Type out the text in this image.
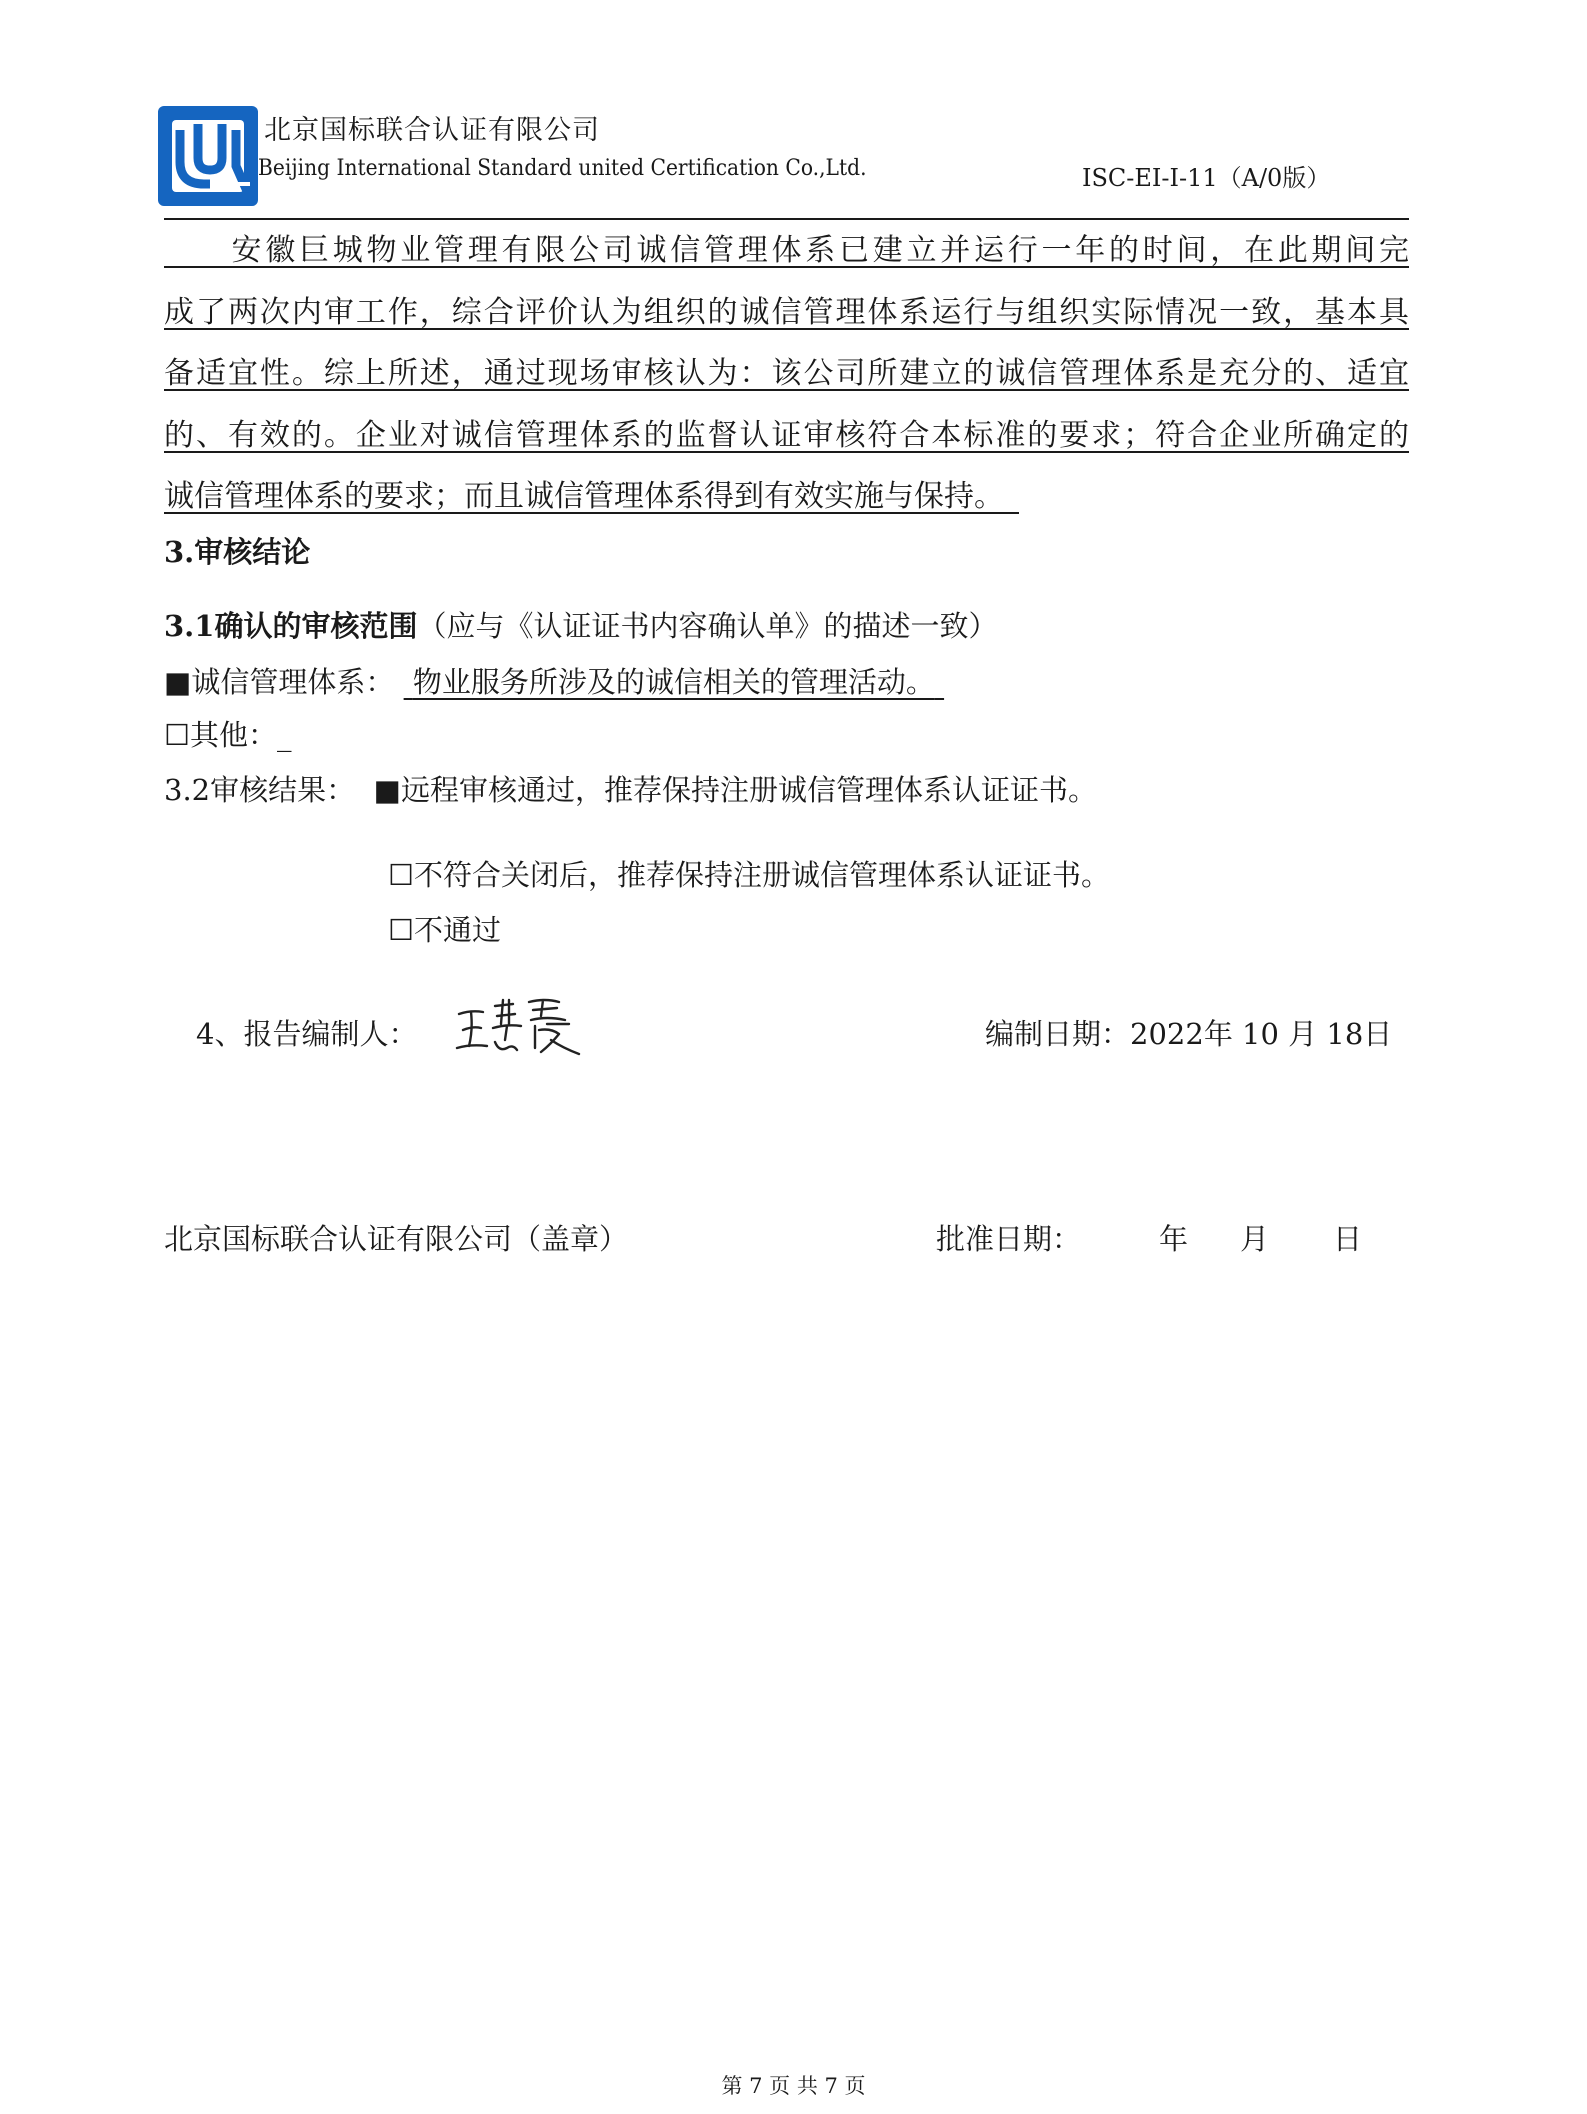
北京国标联合认证有限公司
Beijing International Standard united Certification Co.,Ltd.	ISC-EI-I-11（A/0版）
　　安徽巨城物业管理有限公司诚信管理体系已建立并运行一年的时间，在此期间完
成了两次内审工作，综合评价认为组织的诚信管理体系运行与组织实际情况一致，基本具
备适宜性。综上所述，通过现场审核认为：该公司所建立的诚信管理体系是充分的、适宜
的、有效的。企业对诚信管理体系的监督认证审核符合本标准的要求；符合企业所确定的
诚信管理体系的要求；而且诚信管理体系得到有效实施与保持。　
3.审核结论
3.1确认的审核范围（应与《认证证书内容确认单》的描述一致）
■诚信管理体系： 物业服务所涉及的诚信相关的管理活动。
☐其他：_
3.2审核结果： ■远程审核通过，推荐保持注册诚信管理体系认证证书。
☐不符合关闭后，推荐保持注册诚信管理体系认证证书。
☐不通过
4、报告编制人：	编制日期：2022年 10 月 18日
北京国标联合认证有限公司（盖章）	批准日期：	年 月 日
第 7 页 共 7 页
